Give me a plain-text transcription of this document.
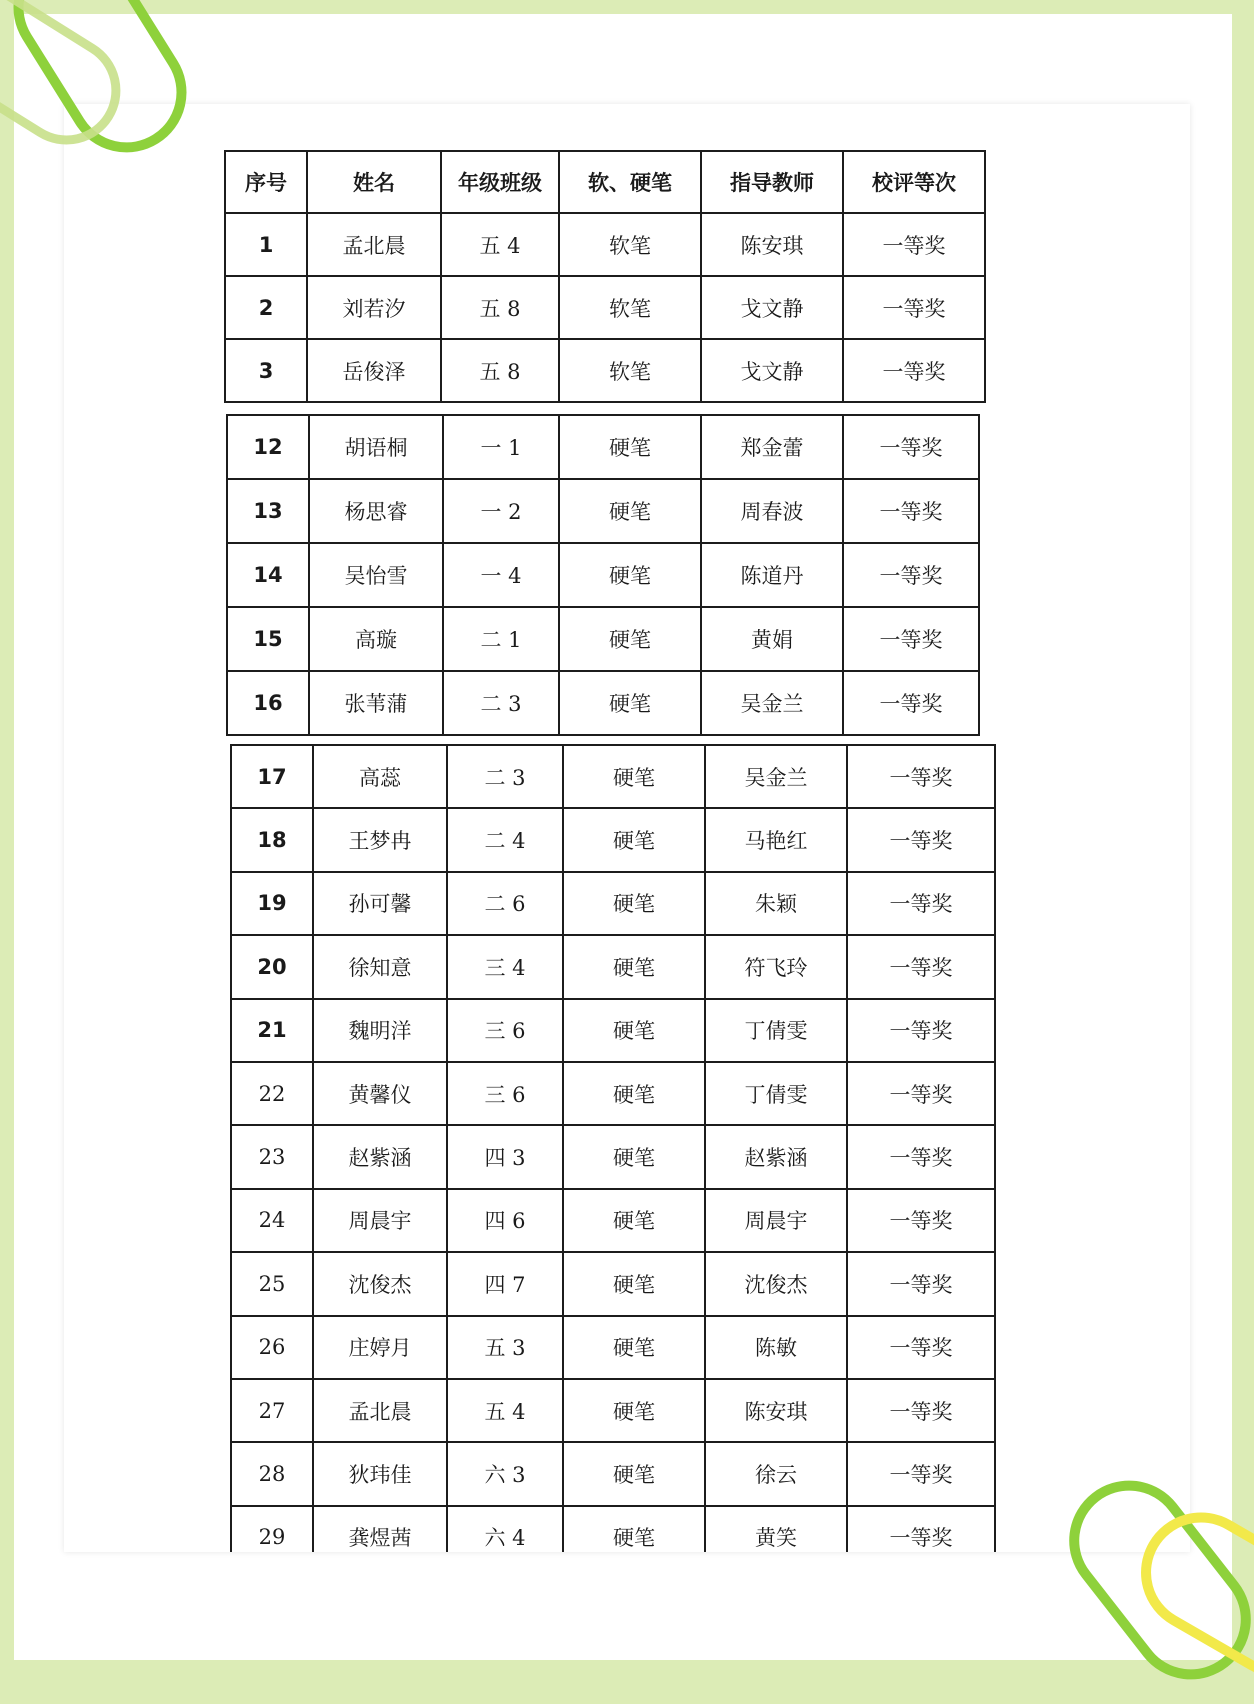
序号	姓名	年级班级	软、硬笔	指导教师	校评等次
1	孟北晨	五 4	软笔	陈安琪	一等奖
2	刘若汐	五 8	软笔	戈文静	一等奖
3	岳俊泽	五 8	软笔	戈文静	一等奖
12	胡语桐	一 1	硬笔	郑金蕾	一等奖
13	杨思睿	一 2	硬笔	周春波	一等奖
14	吴怡雪	一 4	硬笔	陈道丹	一等奖
15	高璇	二 1	硬笔	黄娟	一等奖
16	张苇蒲	二 3	硬笔	吴金兰	一等奖
17	高蕊	二 3	硬笔	吴金兰	一等奖
18	王梦冉	二 4	硬笔	马艳红	一等奖
19	孙可馨	二 6	硬笔	朱颖	一等奖
20	徐知意	三 4	硬笔	符飞玲	一等奖
21	魏明洋	三 6	硬笔	丁倩雯	一等奖
22	黄馨仪	三 6	硬笔	丁倩雯	一等奖
23	赵紫涵	四 3	硬笔	赵紫涵	一等奖
24	周晨宇	四 6	硬笔	周晨宇	一等奖
25	沈俊杰	四 7	硬笔	沈俊杰	一等奖
26	庄婷月	五 3	硬笔	陈敏	一等奖
27	孟北晨	五 4	硬笔	陈安琪	一等奖
28	狄玮佳	六 3	硬笔	徐云	一等奖
29	龚煜茜	六 4	硬笔	黄笑	一等奖
